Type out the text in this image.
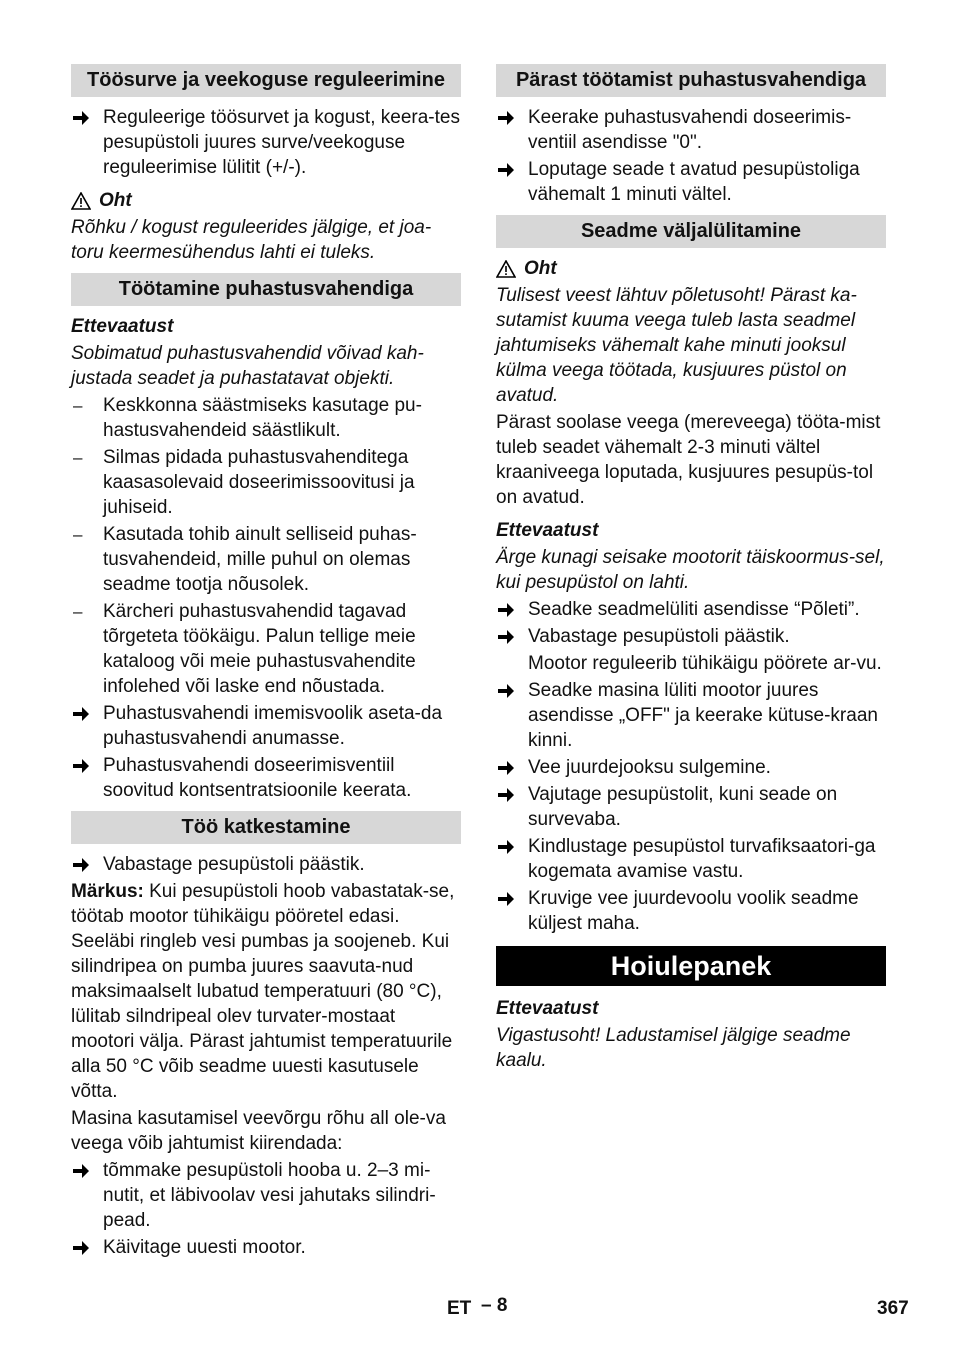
Töösurve ja veekoguse reguleerimine
Reguleerige töösurvet ja kogust, keera-tes pesupüstoli juures surve/veekoguse reguleerimise lülitit (+/-).
Oht
Rõhku / kogust reguleerides jälgige, et joa-toru keermesühendus lahti ei tuleks.
Töötamine puhastusvahendiga
Ettevaatust
Sobimatud puhastusvahendid võivad kah-justada seadet ja puhastatavat objekti.
–	Keskkonna säästmiseks kasutage pu-hastusvahendeid säästlikult.
–	Silmas pidada puhastusvahenditega kaasasolevaid doseerimissoovitusi ja juhiseid.
–	Kasutada tohib ainult selliseid puhas-tusvahendeid, mille puhul on olemas seadme tootja nõusolek.
–	Kärcheri puhastusvahendid tagavad tõrgeteta töökäigu. Palun tellige meie kataloog või meie puhastusvahendite infolehed või laske end nõustada.
Puhastusvahendi imemisvoolik aseta-da puhastusvahendi anumasse.
Puhastusvahendi doseerimisventiil soovitud kontsentratsioonile keerata.
Töö katkestamine
Vabastage pesupüstoli päästik.

Märkus: Kui pesupüstoli hoob vabastatak-se, töötab mootor tühikäigu pööretel edasi. Seeläbi ringleb vesi pumbas ja soojeneb. Kui silindripea on pumba juures saavuta-nud maksimaalselt lubatud temperatuuri (80 °C), lülitab silndripeal olev turvater-mostaat mootori välja. Pärast jahtumist temperatuurile alla 50 °C võib seadme uuesti kasutusele võtta.

Masina kasutamisel veevõrgu rõhu all ole-va veega võib jahtumist kiirendada:

tõmmake pesupüstoli hooba u. 2–3 mi-nutit, et läbivoolav vesi jahutaks silindri-pead.
Käivitage uuesti mootor.
Pärast töötamist puhastusvahendiga
Keerake puhastusvahendi doseerimis-ventiil asendisse "0".
Loputage seade t avatud pesupüstoliga vähemalt 1 minuti vältel.
Seadme väljalülitamine
Oht
Tulisest veest lähtuv põletusoht! Pärast ka-sutamist kuuma veega tuleb lasta seadmel jahtumiseks vähemalt kahe minuti jooksul külma veega töötada, kusjuures püstol on avatud.

Pärast soolase veega (mereveega) tööta-mist tuleb seadet vähemalt 2-3 minuti vältel kraaniveega loputada, kusjuures pesupüs-tol on avatud.

Ettevaatust
Ärge kunagi seisake mootorit täiskoormus-sel, kui pesupüstol on lahti.
Seadke seadmelüliti asendisse “Põleti”.
Vabastage pesupüstoli päästik.
Mootor reguleerib tühikäigu pöörete ar-vu.
Seadke masina lüliti mootor juures asendisse „OFF" ja keerake kütuse-kraan kinni.
Vee juurdejooksu sulgemine.
Vajutage pesupüstolit, kuni seade on survevaba.
Kindlustage pesupüstol turvafiksaatori-ga kogemata avamise vastu.
Kruvige vee juurdevoolu voolik seadme küljest maha.
Hoiulepanek
Ettevaatust
Vigastusoht! Ladustamisel jälgige seadme kaalu.
ET – 8	367
